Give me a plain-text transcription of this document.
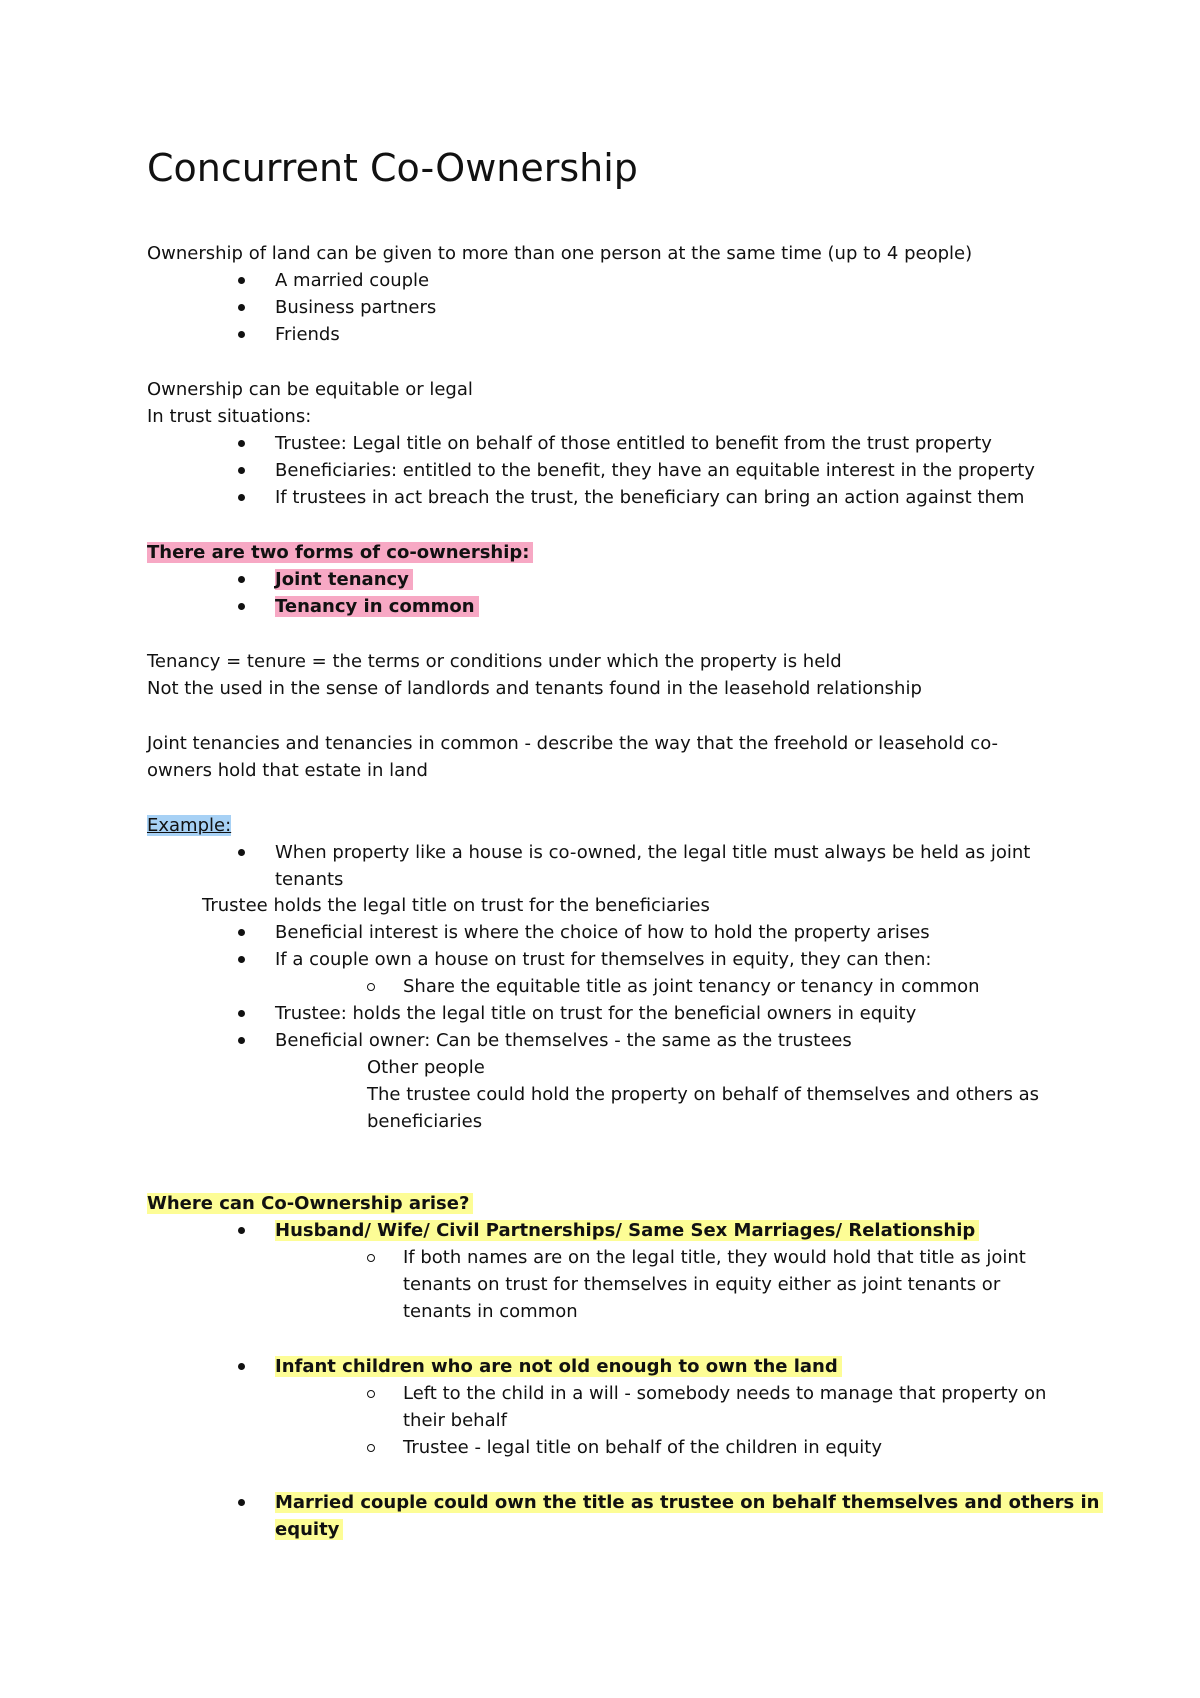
Concurrent Co-Ownership
Ownership of land can be given to more than one person at the same time (up to 4 people)
A married couple
Business partners
Friends
Ownership can be equitable or legal
In trust situations:
Trustee: Legal title on behalf of those entitled to benefit from the trust property
Beneficiaries: entitled to the benefit, they have an equitable interest in the property
If trustees in act breach the trust, the beneficiary can bring an action against them
There are two forms of co-ownership:
Joint tenancy
Tenancy in common
Tenancy = tenure = the terms or conditions under which the property is held
Not the used in the sense of landlords and tenants found in the leasehold relationship
Joint tenancies and tenancies in common - describe the way that the freehold or leasehold co-
owners hold that estate in land
Example:
When property like a house is co-owned, the legal title must always be held as joint
tenants
Trustee holds the legal title on trust for the beneficiaries
Beneficial interest is where the choice of how to hold the property arises
If a couple own a house on trust for themselves in equity, they can then:
Share the equitable title as joint tenancy or tenancy in common
Trustee: holds the legal title on trust for the beneficial owners in equity
Beneficial owner: Can be themselves - the same as the trustees
Other people
The trustee could hold the property on behalf of themselves and others as
beneficiaries
Where can Co-Ownership arise?
Husband/ Wife/ Civil Partnerships/ Same Sex Marriages/ Relationship
If both names are on the legal title, they would hold that title as joint
tenants on trust for themselves in equity either as joint tenants or
tenants in common
Infant children who are not old enough to own the land
Left to the child in a will - somebody needs to manage that property on
their behalf
Trustee - legal title on behalf of the children in equity
Married couple could own the title as trustee on behalf themselves and others in
equity
